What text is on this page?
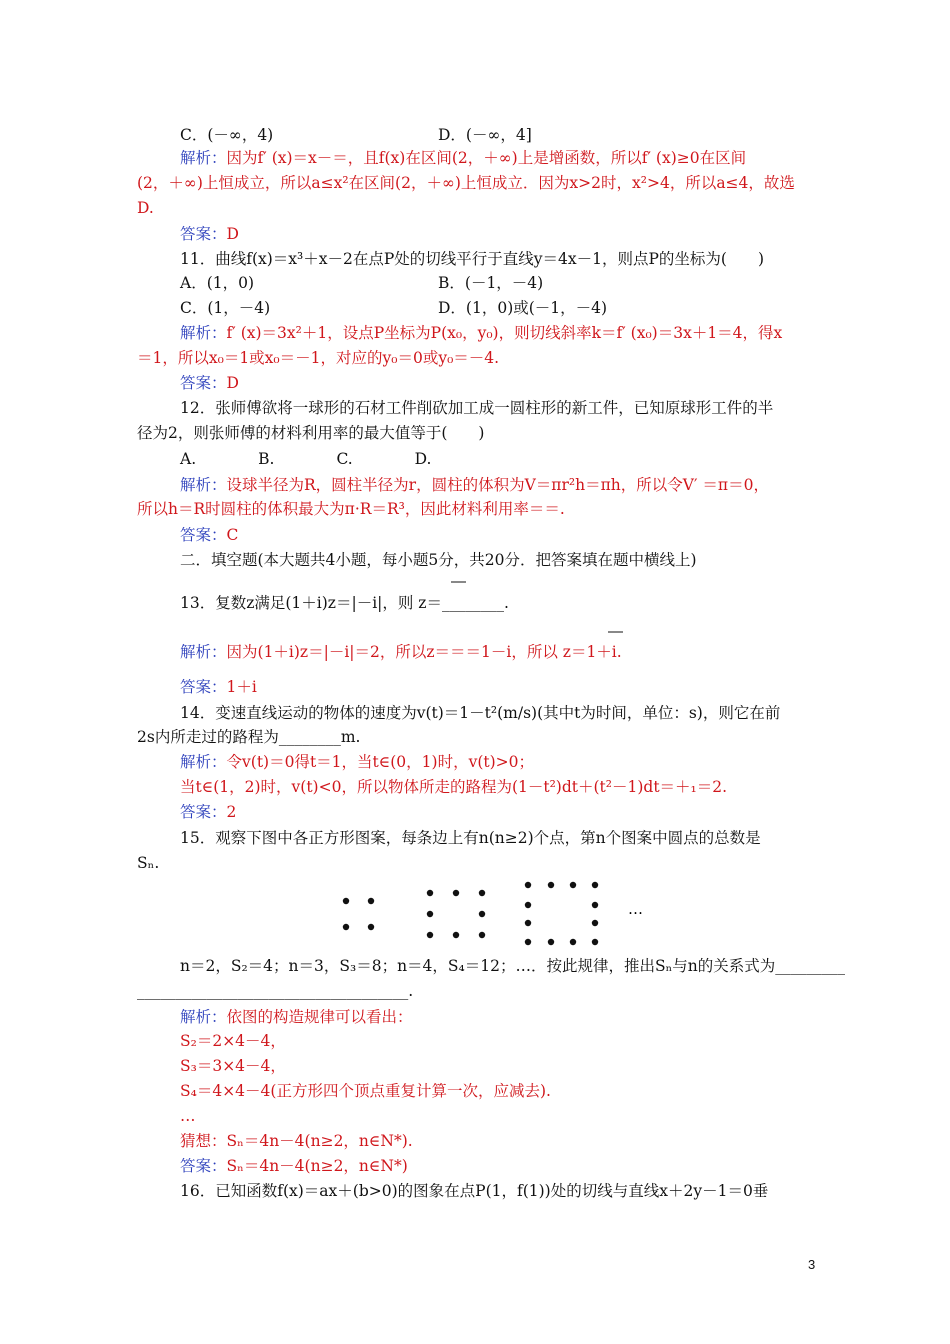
C．(－∞，4)	D．(－∞，4]
解析：因为f′ (x)＝x－＝，且f(x)在区间(2，＋∞)上是增函数，所以f′ (x)≥0在区间
(2，＋∞)上恒成立，所以a≤x²在区间(2，＋∞)上恒成立．因为x>2时，x²>4，所以a≤4，故选
D.
答案：D
11．曲线f(x)＝x³＋x－2在点P处的切线平行于直线y＝4x－1，则点P的坐标为(　　)
A．(1，0)	B．(－1，－4)
C．(1，－4)	D．(1，0)或(－1，－4)
解析：f′ (x)＝3x²＋1，设点P坐标为P(x₀，y₀)，则切线斜率k＝f′ (x₀)＝3x＋1＝4，得x
＝1，所以x₀＝1或x₀＝－1，对应的y₀＝0或y₀＝－4.
答案：D
12．张师傅欲将一球形的石材工件削砍加工成一圆柱形的新工件，已知原球形工件的半
径为2，则张师傅的材料利用率的最大值等于(　　)
A.　　　　B.　　　　C.　　　　D.
解析：设球半径为R，圆柱半径为r，圆柱的体积为V＝πr²h＝πh，所以令V′ ＝π＝0，
所以h＝R时圆柱的体积最大为π·R＝R³，因此材料利用率＝＝.
答案：C
二．填空题(本大题共4小题，每小题5分，共20分．把答案填在题中横线上)
13．复数z满足(1＋i)z＝|－i|，则 z＝________.
解析：因为(1＋i)z＝|－i|＝2，所以z＝＝＝1－i，所以 z＝1＋i.
答案：1＋i
14．变速直线运动的物体的速度为v(t)＝1－t²(m/s)(其中t为时间，单位：s)，则它在前
2s内所走过的路程为________m.
解析：令v(t)＝0得t＝1，当t∈(0，1)时，v(t)>0；
当t∈(1，2)时，v(t)<0，所以物体所走的路程为(1－t²)dt＋(t²－1)dt＝＋₁＝2.
答案：2
15．观察下图中各正方形图案，每条边上有n(n≥2)个点，第n个图案中圆点的总数是
Sₙ.
n＝2，S₂＝4；n＝3，S₃＝8；n＝4，S₄＝12；…．按此规律，推出Sₙ与n的关系式为_________
___________________________________.
解析：依图的构造规律可以看出：
S₂＝2×4－4，
S₃＝3×4－4，
S₄＝4×4－4(正方形四个顶点重复计算一次，应减去).
…
猜想：Sₙ＝4n－4(n≥2，n∈N*).
答案：Sₙ＝4n－4(n≥2，n∈N*)
16．已知函数f(x)＝ax＋(b>0)的图象在点P(1，f(1))处的切线与直线x＋2y－1＝0垂
…
3
